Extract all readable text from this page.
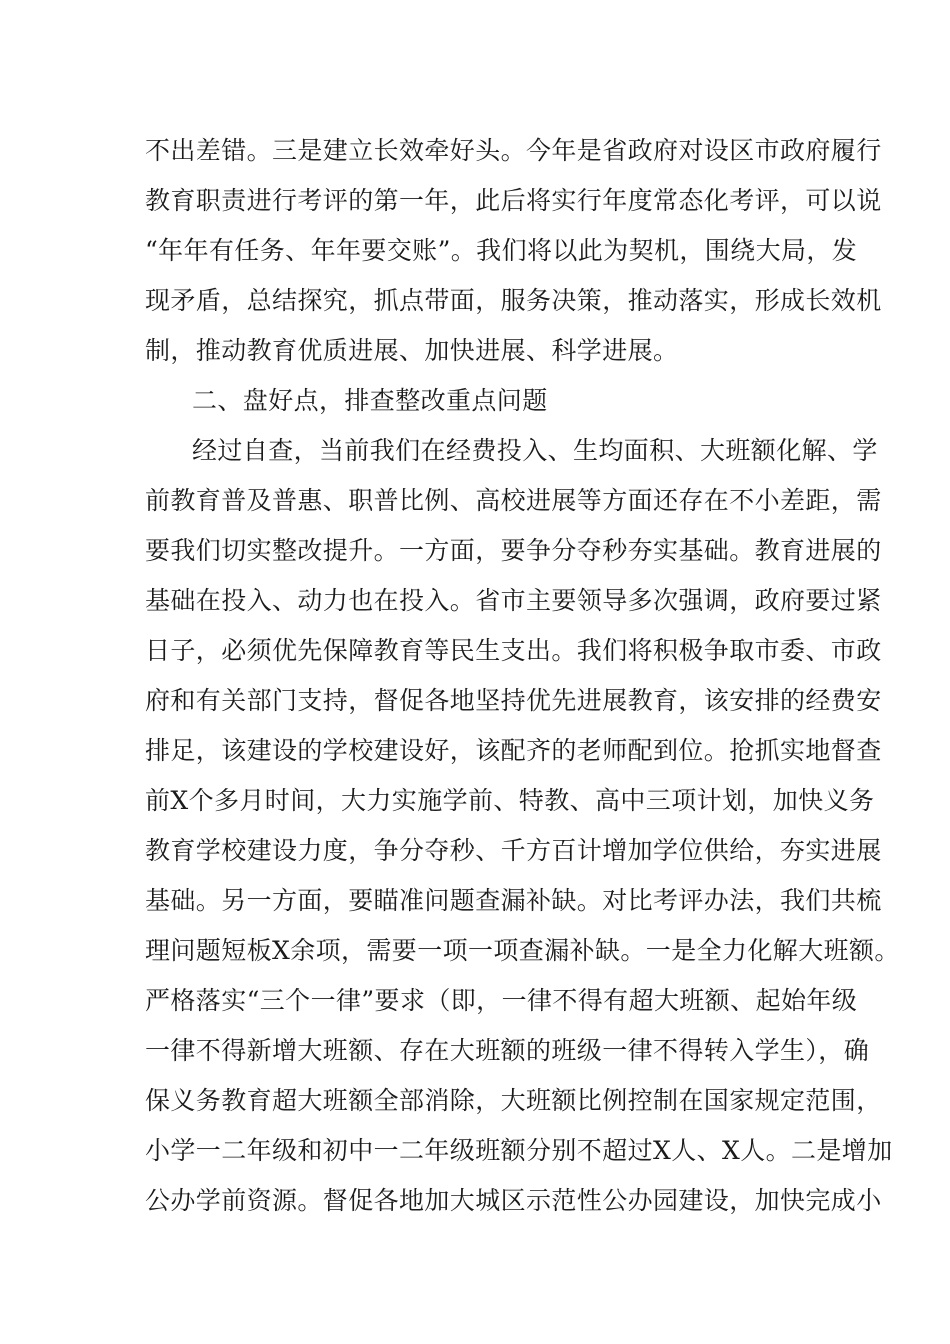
不出差错。三是建立长效牵好头。今年是省政府对设区市政府履行
教育职责进行考评的第一年，此后将实行年度常态化考评，可以说
“年年有任务、年年要交账”。我们将以此为契机，围绕大局，发
现矛盾，总结探究，抓点带面，服务决策，推动落实，形成长效机
制，推动教育优质进展、加快进展、科学进展。
二、盘好点，排查整改重点问题
经过自查，当前我们在经费投入、生均面积、大班额化解、学
前教育普及普惠、职普比例、高校进展等方面还存在不小差距，需
要我们切实整改提升。一方面，要争分夺秒夯实基础。教育进展的
基础在投入、动力也在投入。省市主要领导多次强调，政府要过紧
日子，必须优先保障教育等民生支出。我们将积极争取市委、市政
府和有关部门支持，督促各地坚持优先进展教育，该安排的经费安
排足，该建设的学校建设好，该配齐的老师配到位。抢抓实地督查
前X个多月时间，大力实施学前、特教、高中三项计划，加快义务
教育学校建设力度，争分夺秒、千方百计增加学位供给，夯实进展
基础。另一方面，要瞄准问题查漏补缺。对比考评办法，我们共梳
理问题短板X余项，需要一项一项查漏补缺。一是全力化解大班额。
严格落实“三个一律”要求（即，一律不得有超大班额、起始年级
一律不得新增大班额、存在大班额的班级一律不得转入学生），确
保义务教育超大班额全部消除，大班额比例控制在国家规定范围，
小学一二年级和初中一二年级班额分别不超过X人、X人。二是增加
公办学前资源。督促各地加大城区示范性公办园建设，加快完成小
